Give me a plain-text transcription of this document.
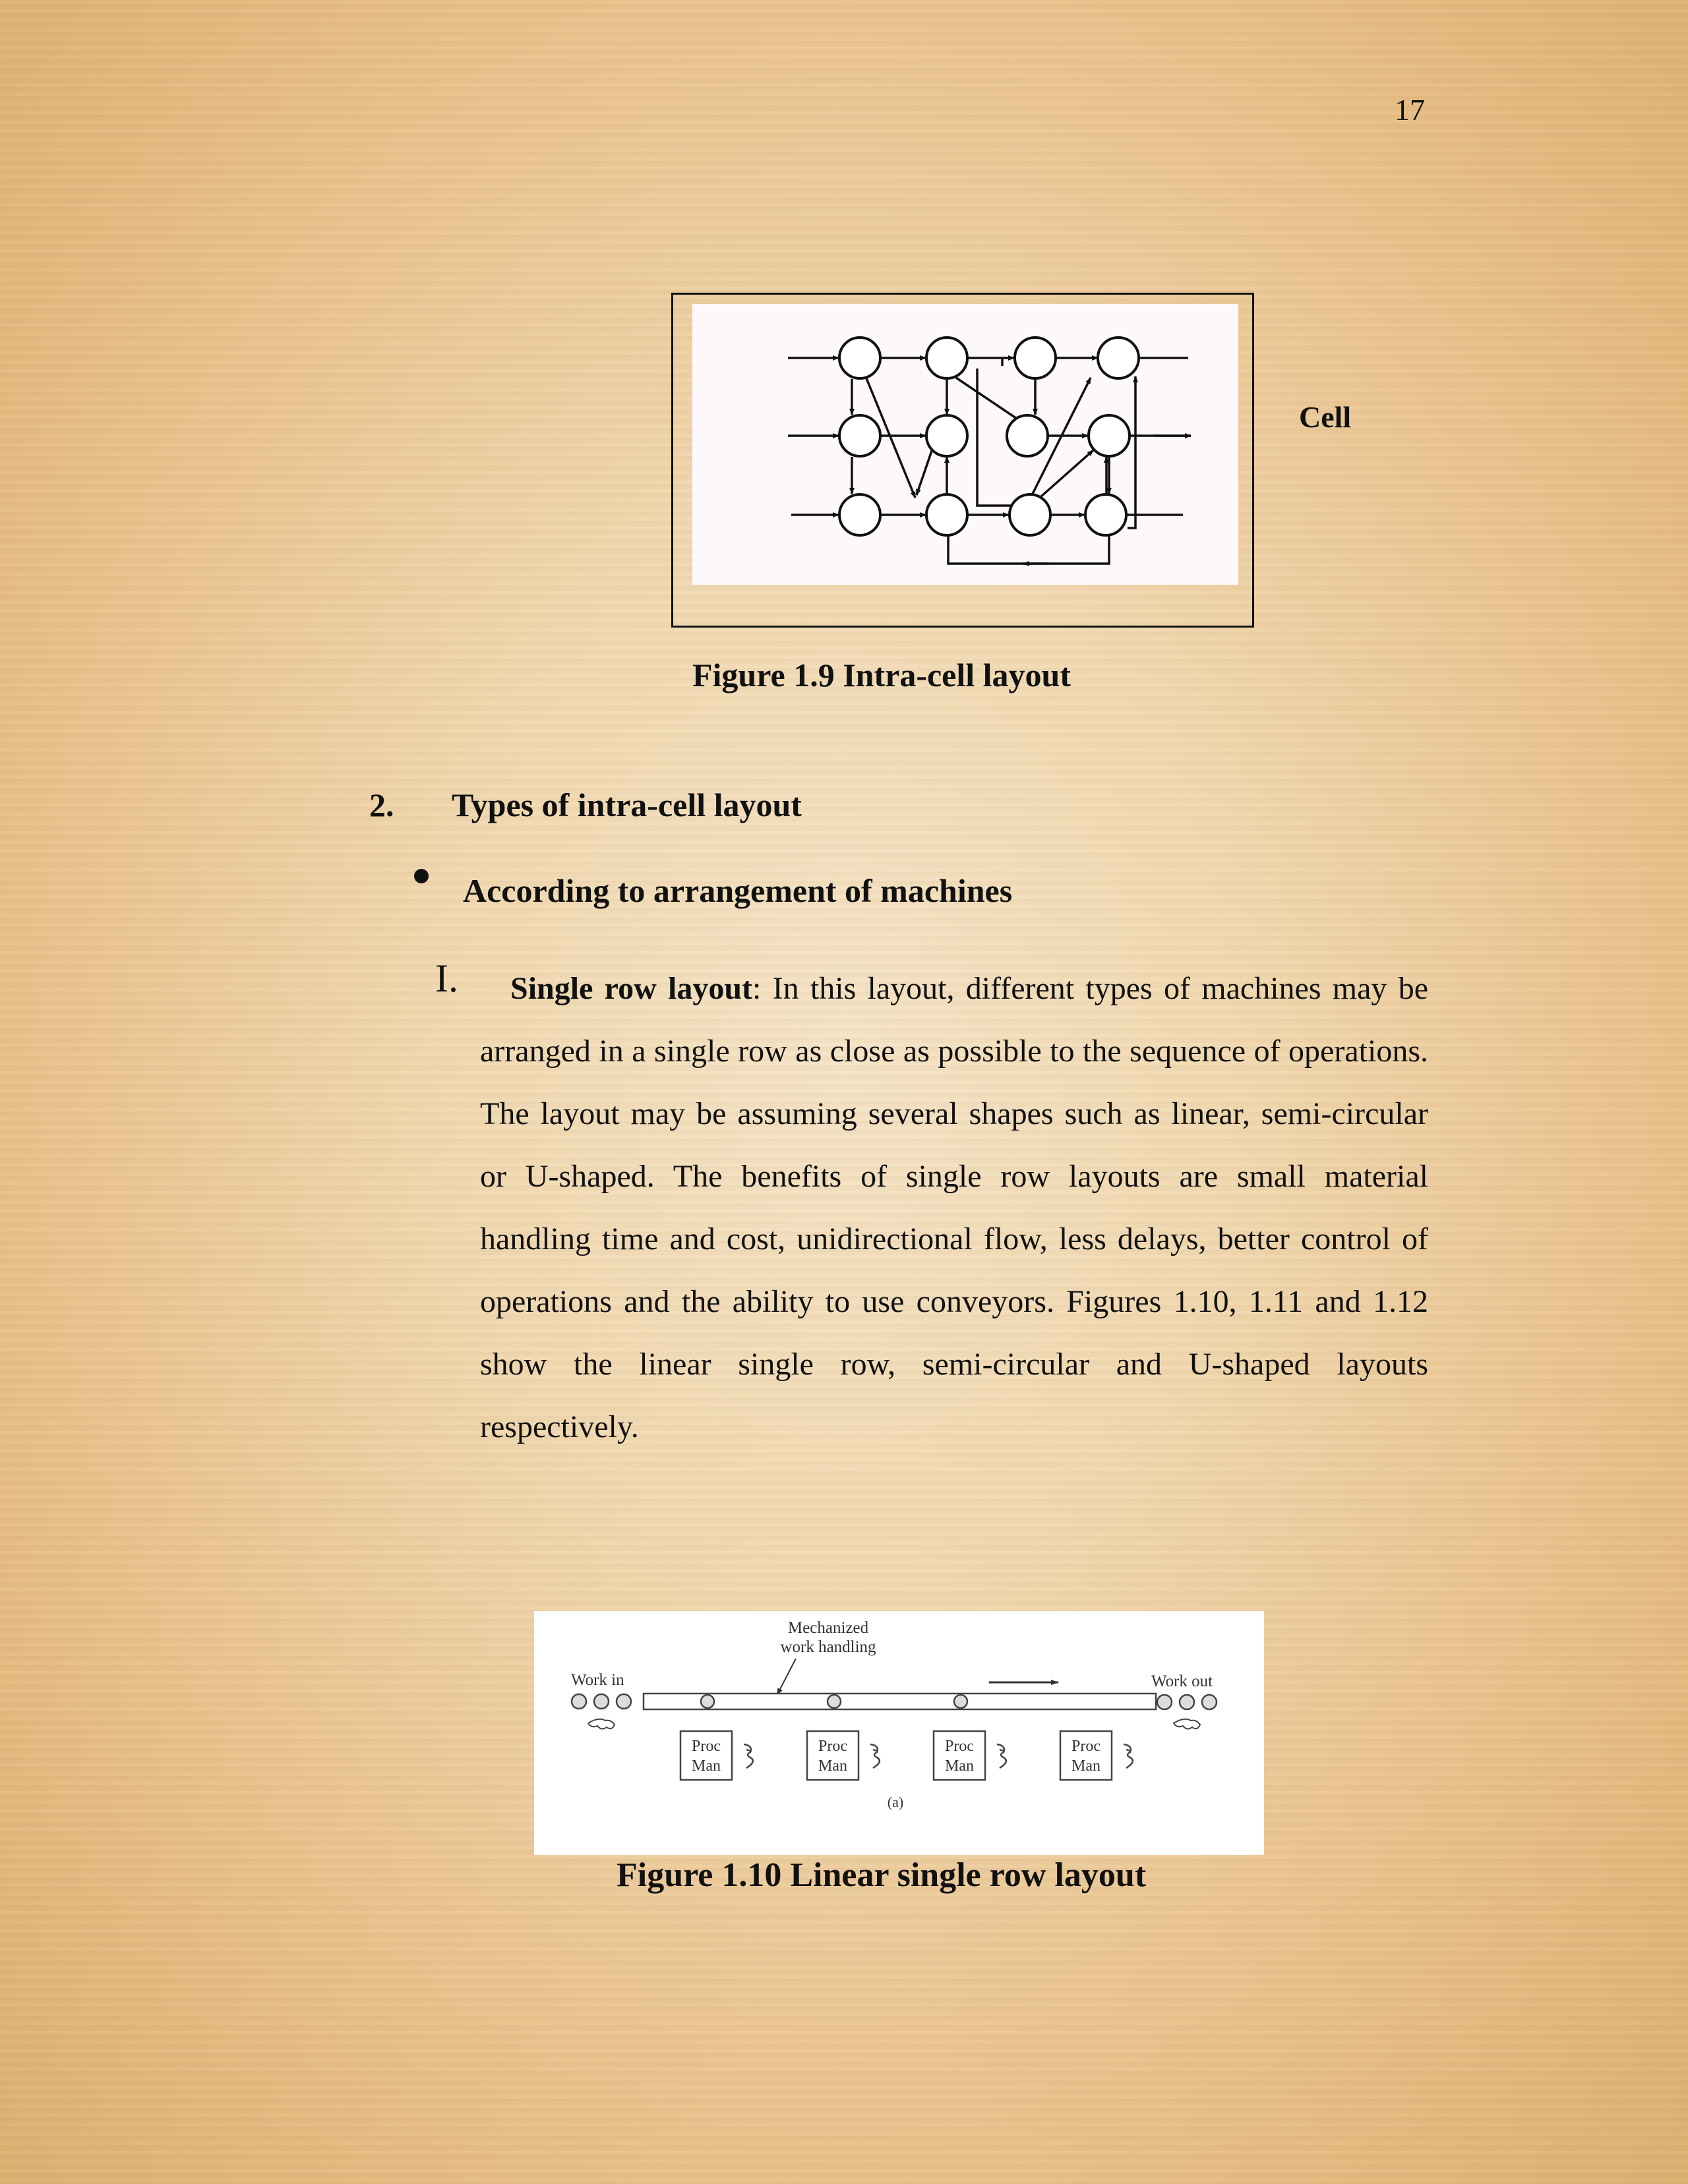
17
Cell
Figure 1.9 Intra-cell layout
2. Types of intra-cell layout
According to arrangement of machines
I.	Single row layout: In this layout, different types of machines may be arranged in a single row as close as possible to the sequence of operations. The layout may be assuming several shapes such as linear, semi-circular or U-shaped. The benefits of single row layouts are small material handling time and cost, unidirectional flow, less delays, better control of operations and the ability to use conveyors. Figures 1.10, 1.11 and 1.12 show the linear single row, semi-circular and U-shaped layouts respectively.
Mechanized
work handling
Work in	Work out
Proc
Man
Proc
Man
Proc
Man
Proc
Man
(a)
Figure 1.10 Linear single row layout
